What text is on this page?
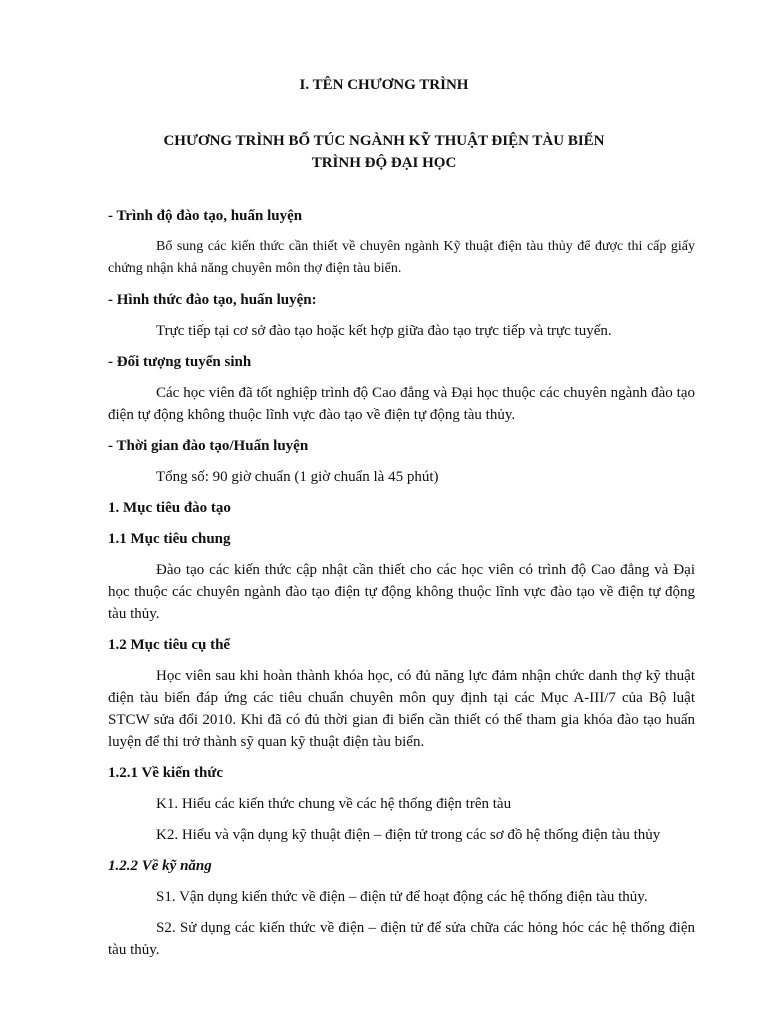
I. TÊN CHƯƠNG TRÌNH

CHƯƠNG TRÌNH BỔ TÚC NGÀNH KỸ THUẬT ĐIỆN TÀU BIỂN

TRÌNH ĐỘ ĐẠI HỌC

- Trình độ đào tạo, huấn luyện

Bổ sung các kiến thức cần thiết về chuyên ngành Kỹ thuật điện tàu thủy để được thi cấp giấy chứng nhận khả năng chuyên môn thợ điện tàu biển.

- Hình thức đào tạo, huấn luyện:

Trực tiếp tại cơ sở đào tạo hoặc kết hợp giữa đào tạo trực tiếp và trực tuyến.

- Đối tượng tuyển sinh

Các học viên đã tốt nghiệp trình độ Cao đẳng và Đại học thuộc các chuyên ngành đào tạo điện tự động không thuộc lĩnh vực đào tạo về điện tự động tàu thủy.

- Thời gian đào tạo/Huấn luyện

Tổng số: 90 giờ chuẩn (1 giờ chuẩn là 45 phút)

1. Mục tiêu đào tạo

1.1 Mục tiêu chung

Đào tạo các kiến thức cập nhật cần thiết cho các học viên có trình độ Cao đẳng và Đại học thuộc các chuyên ngành đào tạo điện tự động không thuộc lĩnh vực đào tạo về điện tự động tàu thủy.

1.2 Mục tiêu cụ thể

Học viên sau khi hoàn thành khóa học, có đủ năng lực đảm nhận chức danh thợ kỹ thuật điện tàu biển đáp ứng các tiêu chuẩn chuyên môn quy định tại các Mục A-III/7 của Bộ luật STCW sửa đổi 2010. Khi đã có đủ thời gian đi biển cần thiết có thể tham gia khóa đào tạo huấn luyện để thi trở thành sỹ quan kỹ thuật điện tàu biển.

1.2.1 Về kiến thức

K1. Hiểu các kiến thức chung về các hệ thống điện trên tàu

K2. Hiểu và vận dụng kỹ thuật điện – điện tử trong các sơ đồ hệ thống điện tàu thủy

1.2.2 Về kỹ năng

S1. Vận dụng kiến thức về điện – điện tử để hoạt động các hệ thống điện tàu thủy.

S2. Sử dụng các kiến thức về điện – điện tử để sửa chữa các hỏng hóc các hệ thống điện tàu thủy.
